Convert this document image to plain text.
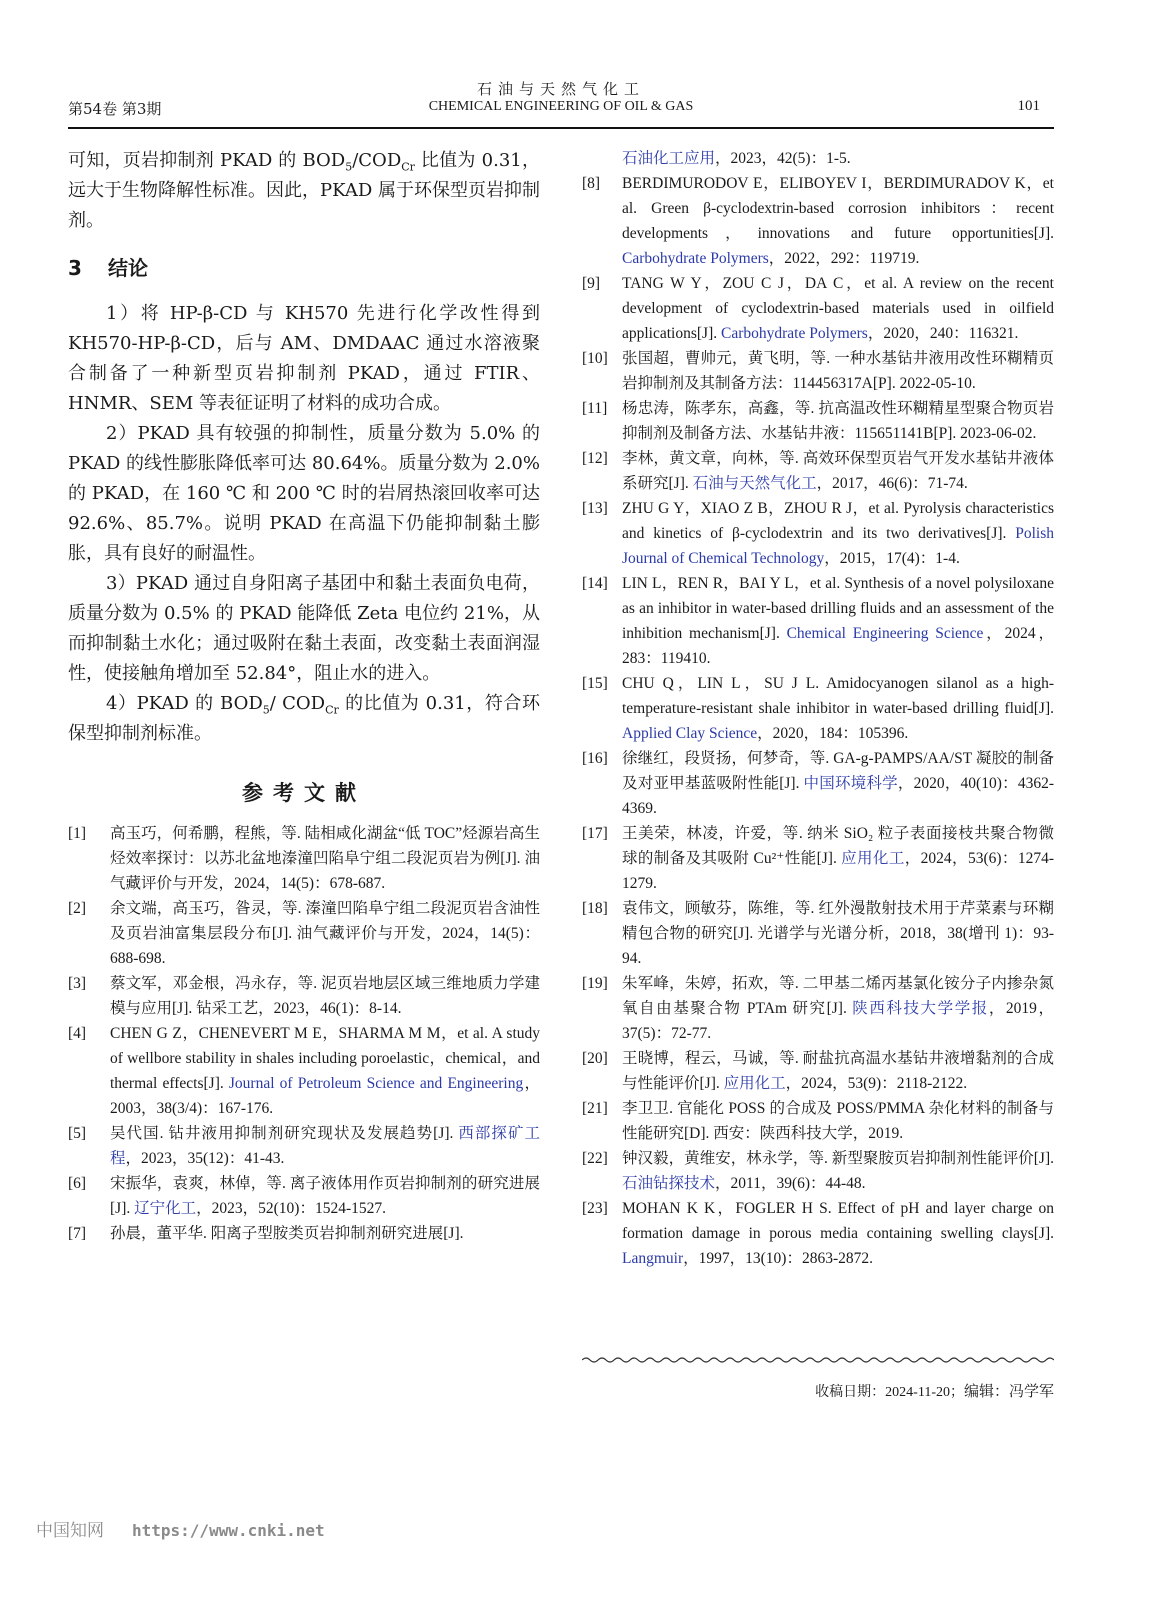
石油与天然气化工
第54卷 第3期	CHEMICAL ENGINEERING OF OIL & GAS	101

可知，页岩抑制剂 PKAD 的 $BOD_5/COD_{Cr}$ 比值为 0.31，远大于生物降解性标准。因此，PKAD 属于环保型页岩抑制剂。

3 结论

1）将 HP-β-CD 与 KH570 先进行化学改性得到 KH570-HP-β-CD，后与 AM、DMDAAC 通过水溶液聚合制备了一种新型页岩抑制剂 PKAD，通过 FTIR、HNMR、SEM 等表征证明了材料的成功合成。

2）PKAD 具有较强的抑制性，质量分数为 5.0% 的 PKAD 的线性膨胀降低率可达 80.64%。质量分数为 2.0% 的 PKAD，在 160 ℃ 和 200 ℃ 时的岩屑热滚回收率可达 92.6%、85.7%。说明 PKAD 在高温下仍能抑制黏土膨胀，具有良好的耐温性。

3）PKAD 通过自身阳离子基团中和黏土表面负电荷，质量分数为 0.5% 的 PKAD 能降低 Zeta 电位约 21%，从而抑制黏土水化；通过吸附在黏土表面，改变黏土表面润湿性，使接触角增加至 52.84°，阻止水的进入。

4）PKAD 的 $BOD_5/$ $COD_{Cr}$ 的比值为 0.31，符合环保型抑制剂标准。

参考文献
[1] 高玉巧，何希鹏，程熊，等. 陆相咸化湖盆“低 TOC”烃源岩高生烃效率探讨：以苏北盆地溱潼凹陷阜宁组二段泥页岩为例[J]. 油气藏评价与开发，2024，14(5)：678-687.
[2] 余文端，高玉巧，昝灵，等. 溱潼凹陷阜宁组二段泥页岩含油性及页岩油富集层段分布[J]. 油气藏评价与开发，2024，14(5)：688-698.
[3] 蔡文军，邓金根，冯永存，等. 泥页岩地层区域三维地质力学建模与应用[J]. 钻采工艺，2023，46(1)：8-14.
[4] CHEN G Z，CHENEVERT M E，SHARMA M M，et al. A study of wellbore stability in shales including poroelastic，chemical，and thermal effects[J]. Journal of Petroleum Science and Engineering，2003，38(3/4)：167-176.
[5] 吴代国. 钻井液用抑制剂研究现状及发展趋势[J]. 西部探矿工程，2023，35(12)：41-43.
[6] 宋振华，袁爽，林倬，等. 离子液体用作页岩抑制剂的研究进展[J]. 辽宁化工，2023，52(10)：1524-1527.
[7] 孙晨，董平华. 阳离子型胺类页岩抑制剂研究进展[J].
石油化工应用，2023，42(5)：1-5.
[8] BERDIMURODOV E，ELIBOYEV I，BERDIMURADOV K，et al. Green β-cyclodextrin-based corrosion inhibitors：recent developments，innovations and future opportunities[J]. Carbohydrate Polymers，2022，292：119719.
[9] TANG W Y，ZOU C J，DA C，et al. A review on the recent development of cyclodextrin-based materials used in oilfield applications[J]. Carbohydrate Polymers，2020，240：116321.
[10] 张国超，曹帅元，黄飞明，等. 一种水基钻井液用改性环糊精页岩抑制剂及其制备方法：114456317A[P]. 2022-05-10.
[11] 杨忠涛，陈孝东，高鑫，等. 抗高温改性环糊精星型聚合物页岩抑制剂及制备方法、水基钻井液：115651141B[P]. 2023-06-02.
[12] 李林，黄文章，向林，等. 高效环保型页岩气开发水基钻井液体系研究[J]. 石油与天然气化工，2017，46(6)：71-74.
[13] ZHU G Y，XIAO Z B，ZHOU R J，et al. Pyrolysis characteristics and kinetics of β-cyclodextrin and its two derivatives[J]. Polish Journal of Chemical Technology，2015，17(4)：1-4.
[14] LIN L，REN R，BAI Y L，et al. Synthesis of a novel polysiloxane as an inhibitor in water-based drilling fluids and an assessment of the inhibition mechanism[J]. Chemical Engineering Science，2024，283：119410.
[15] CHU Q，LIN L，SU J L. Amidocyanogen silanol as a high-temperature-resistant shale inhibitor in water-based drilling fluid[J]. Applied Clay Science，2020，184：105396.
[16] 徐继红，段贤扬，何梦奇，等. GA-g-PAMPS/AA/ST 凝胶的制备及对亚甲基蓝吸附性能[J]. 中国环境科学，2020，40(10)：4362-4369.
[17] 王美荣，林凌，许爱，等. 纳米 SiO₂ 粒子表面接枝共聚合物微球的制备及其吸附 Cu²⁺性能[J]. 应用化工，2024，53(6)：1274-1279.
[18] 袁伟文，顾敏芬，陈维，等. 红外漫散射技术用于芹菜素与环糊精包合物的研究[J]. 光谱学与光谱分析，2018，38(增刊 1)：93-94.
[19] 朱军峰，朱婷，拓欢，等. 二甲基二烯丙基氯化铵分子内掺杂氮氧自由基聚合物 PTAm 研究[J]. 陕西科技大学学报，2019，37(5)：72-77.
[20] 王晓博，程云，马诚，等. 耐盐抗高温水基钻井液增黏剂的合成与性能评价[J]. 应用化工，2024，53(9)：2118-2122.
[21] 李卫卫. 官能化 POSS 的合成及 POSS/PMMA 杂化材料的制备与性能研究[D]. 西安：陕西科技大学，2019.
[22] 钟汉毅，黄维安，林永学，等. 新型聚胺页岩抑制剂性能评价[J]. 石油钻探技术，2011，39(6)：44-48.
[23] MOHAN K K，FOGLER H S. Effect of pH and layer charge on formation damage in porous media containing swelling clays[J]. Langmuir，1997，13(10)：2863-2872.
收稿日期：2024-11-20；编辑：冯学军
中国知网 https://www.cnki.net
